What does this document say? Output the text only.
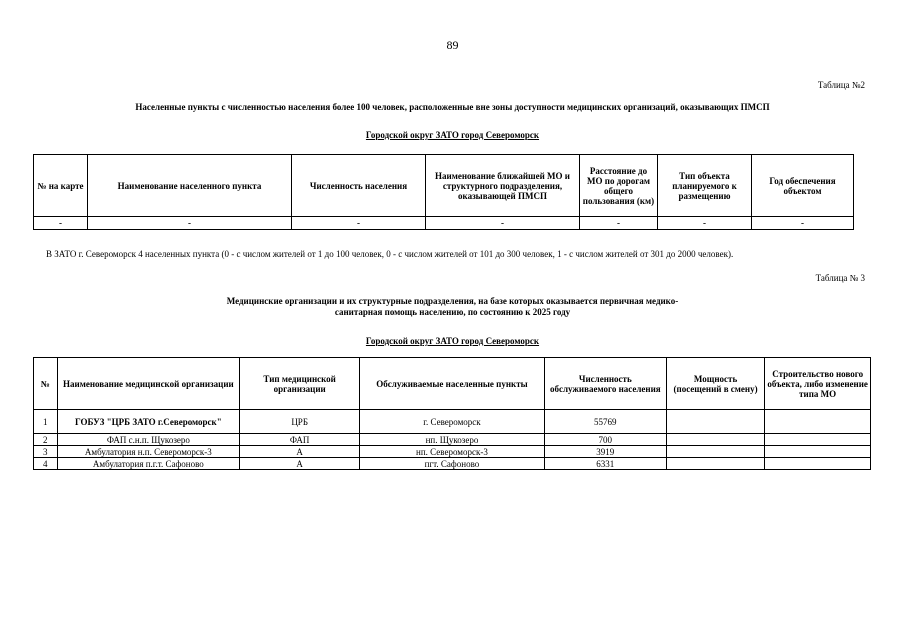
89
Таблица №2
Населенные пункты с численностью населения более 100 человек, расположенные вне зоны доступности медицинских организаций, оказывающих ПМСП
Городской округ ЗАТО город Североморск
№ на карте	Наименование населенного пункта	Численность населения	Наименование ближайшей МО и структурного подразделения, оказывающей ПМСП	Расстояние до МО по дорогам общего пользования (км)	Тип объекта планируемого к размещению	Год обеспечения объектом
-	-	-	-	-	-	-
В ЗАТО г. Североморск 4 населенных пункта (0 - с числом жителей от 1 до 100 человек, 0 - с числом жителей от 101 до 300 человек, 1 - с числом жителей от 301 до 2000 человек).
Таблица № 3
Медицинские организации и их структурные подразделения, на базе которых оказывается первичная медико-
санитарная помощь населению, по состоянию к 2025 году
Городской округ ЗАТО город Североморск
№	Наименование медицинской организации	Тип медицинской организации	Обслуживаемые населенные пункты	Численность обслуживаемого населения	Мощность (посещений в смену)	Строительство нового объекта, либо изменение типа МО
1	ГОБУЗ "ЦРБ ЗАТО г.Североморск"	ЦРБ	г. Североморск	55769		
2	ФАП с.н.п. Щукозеро	ФАП	нп. Щукозеро	700		
3	Амбулатория н.п. Североморск-3	А	нп. Североморск-3	3919		
4	Амбулатория п.г.т. Сафоново	А	пгт. Сафоново	6331		
